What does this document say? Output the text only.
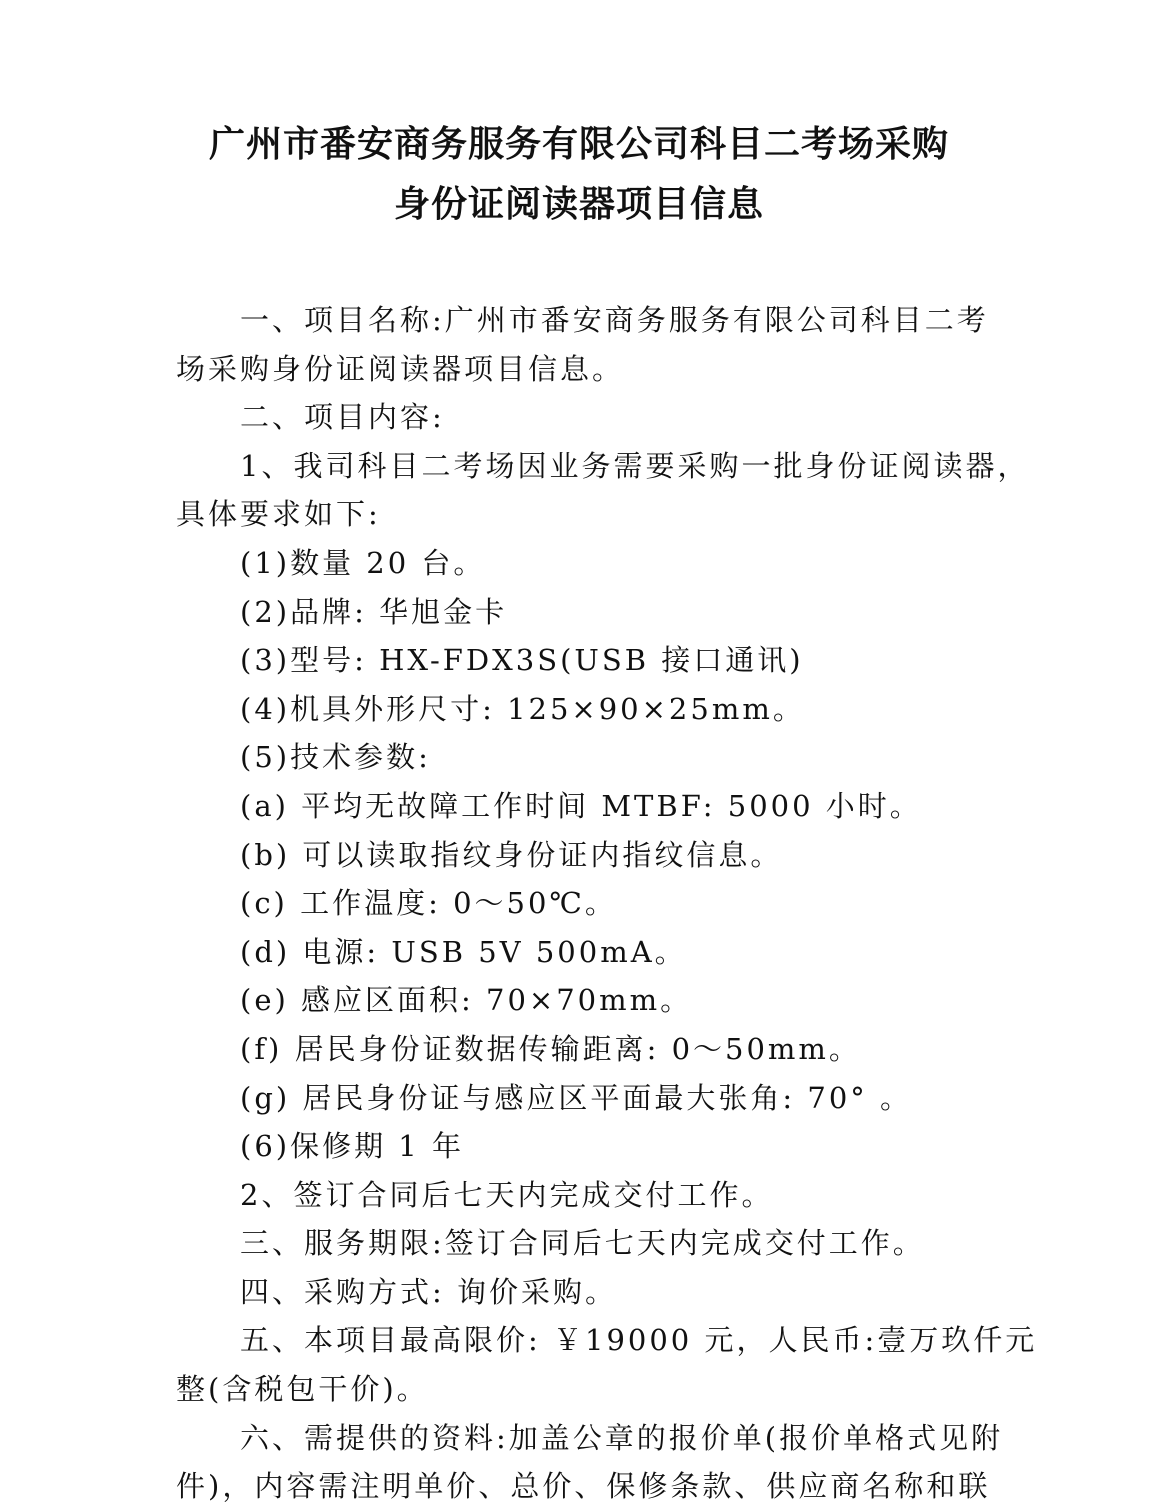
广州市番安商务服务有限公司科目二考场采购
身份证阅读器项目信息
一、项目名称:广州市番安商务服务有限公司科目二考
场采购身份证阅读器项目信息。
二、项目内容:
1、我司科目二考场因业务需要采购一批身份证阅读器，
具体要求如下:
(1)数量 20 台。
(2)品牌: 华旭金卡
(3)型号: HX-FDX3S(USB 接口通讯)
(4)机具外形尺寸: 125×90×25mm。
(5)技术参数:
(a) 平均无故障工作时间 MTBF: 5000 小时。
(b) 可以读取指纹身份证内指纹信息。
(c) 工作温度: 0～50℃。
(d) 电源: USB 5V 500mA。
(e) 感应区面积: 70×70mm。
(f) 居民身份证数据传输距离: 0～50mm。
(g) 居民身份证与感应区平面最大张角: 70° 。
(6)保修期 1 年
2、签订合同后七天内完成交付工作。
三、服务期限:签订合同后七天内完成交付工作。
四、采购方式: 询价采购。
五、本项目最高限价: ￥19000 元，人民币:壹万玖仟元
整(含税包干价)。
六、需提供的资料:加盖公章的报价单(报价单格式见附
件)，内容需注明单价、总价、保修条款、供应商名称和联
